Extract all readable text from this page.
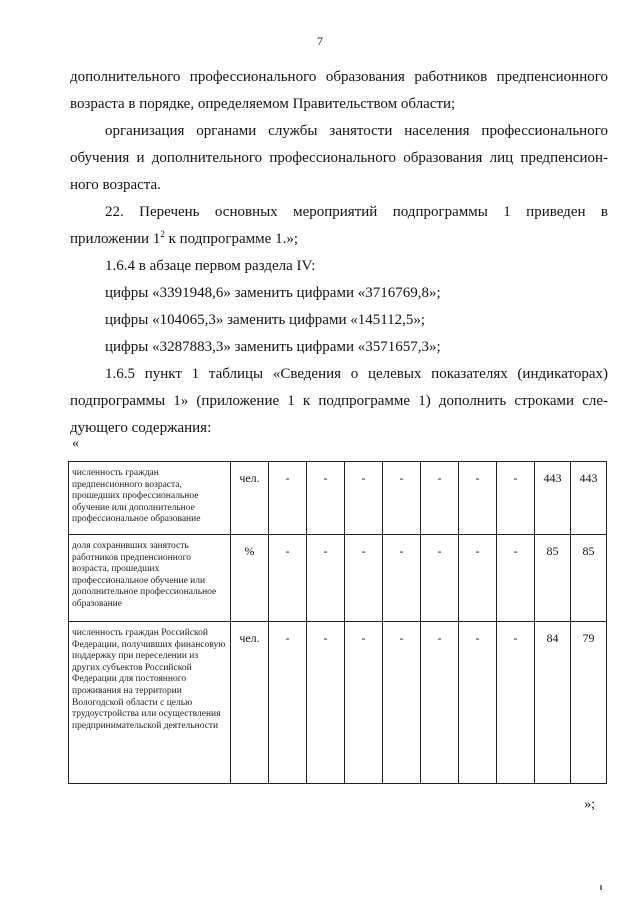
7
дополнительного профессионального образования работников предпенсионного
возраста в порядке, определяемом Правительством области;
организация органами службы занятости населения профессионального
обучения и дополнительного профессионального образования лиц предпенсион-
ного возраста.
22. Перечень основных мероприятий подпрограммы 1 приведен в
приложении $1^2$ к подпрограмме 1.»;
1.6.4 в абзаце первом раздела IV:
цифры «3391948,6» заменить цифрами «3716769,8»;
цифры «104065,3» заменить цифрами «145112,5»;
цифры «3287883,3» заменить цифрами «3571657,3»;
1.6.5 пункт 1 таблицы «Сведения о целевых показателях (индикаторах)
подпрограммы 1» (приложение 1 к подпрограмме 1) дополнить строками сле-
дующего содержания:
«
численность граждан предпенсионного возраста, прошедших профессиональное обучение или дополнительное профессиональное образование	чел.	-	-	-	-	-	-	-	443	443
доля сохранивших занятость работников предпенсионного возраста, прошедших профессиональное обучение или дополнительное профессиональное образование	%	-	-	-	-	-	-	-	85	85
численность граждан Российской Федерации, получивших финансовую поддержку при переселении из других субъектов Российской Федерации для постоянного проживания на территории Вологодской области с целью трудоустройства или осуществления предпринимательской деятельности	чел.	-	-	-	-	-	-	-	84	79
»;
